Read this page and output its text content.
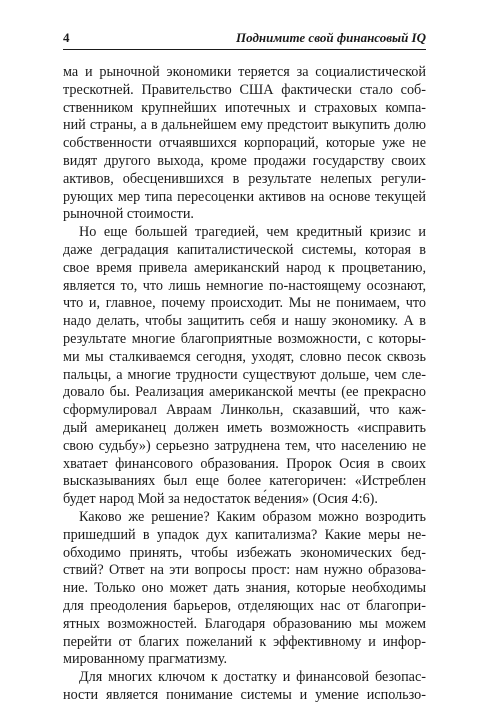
4	Поднимите свой финансовый IQ
ма и рыночной экономики теряется за социалистической
трескотней. Правительство США фактически стало соб-
ственником крупнейших ипотечных и страховых компа-
ний страны, а в дальнейшем ему предстоит выкупить долю
собственности отчаявшихся корпораций, которые уже не
видят другого выхода, кроме продажи государству своих
активов, обесценившихся в результате нелепых регули-
рующих мер типа пересоценки активов на основе текущей
рыночной стоимости.
Но еще большей трагедией, чем кредитный кризис и
даже деградация капиталистической системы, которая в
свое время привела американский народ к процветанию,
является то, что лишь немногие по-настоящему осознают,
что и, главное, почему происходит. Мы не понимаем, что
надо делать, чтобы защитить себя и нашу экономику. А в
результате многие благоприятные возможности, с которы-
ми мы сталкиваемся сегодня, уходят, словно песок сквозь
пальцы, а многие трудности существуют дольше, чем сле-
довало бы. Реализация американской мечты (ее прекрасно
сформулировал Авраам Линкольн, сказавший, что каж-
дый американец должен иметь возможность «исправить
свою судьбу») серьезно затруднена тем, что населению не
хватает финансового образования. Пророк Осия в своих
высказываниях был еще более категоричен: «Истреблен
будет народ Мой за недостаток ве́дения» (Осия 4:6).
Каково же решение? Каким образом можно возродить
пришедший в упадок дух капитализма? Какие меры не-
обходимо принять, чтобы избежать экономических бед-
ствий? Ответ на эти вопросы прост: нам нужно образова-
ние. Только оно может дать знания, которые необходимы
для преодоления барьеров, отделяющих нас от благопри-
ятных возможностей. Благодаря образованию мы можем
перейти от благих пожеланий к эффективному и инфор-
мированному прагматизму.
Для многих ключом к достатку и финансовой безопас-
ности является понимание системы и умение использо-
